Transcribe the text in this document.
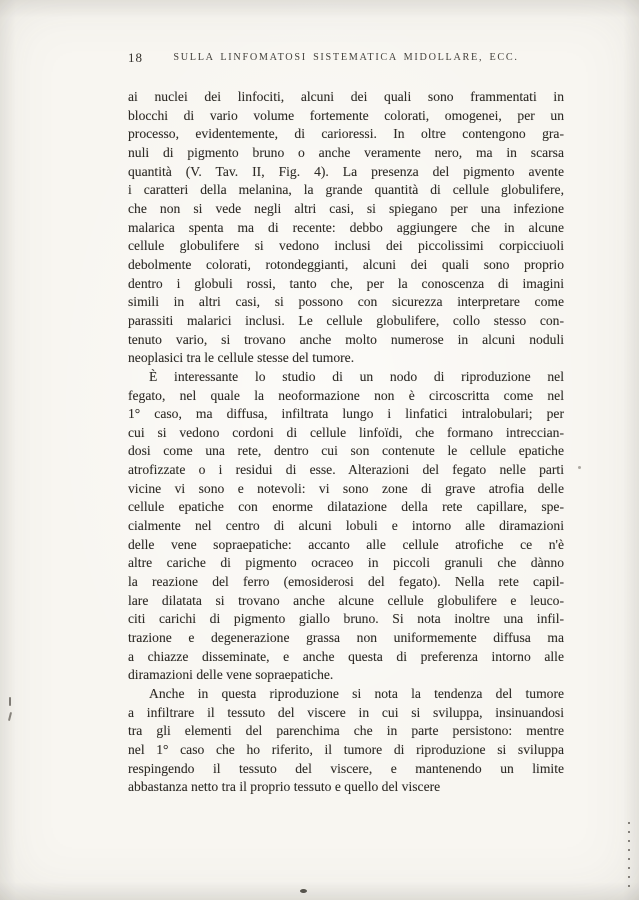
18	SULLA LINFOMATOSI SISTEMATICA MIDOLLARE, ECC.
ai nuclei dei linfociti, alcuni dei quali sono frammentati in
blocchi di vario volume fortemente colorati, omogenei, per un
processo, evidentemente, di carioressi. In oltre contengono gra-
nuli di pigmento bruno o anche veramente nero, ma in scarsa
quantità (V. Tav. II, Fig. 4). La presenza del pigmento avente
i caratteri della melanina, la grande quantità di cellule globulifere,
che non si vede negli altri casi, si spiegano per una infezione
malarica spenta ma di recente: debbo aggiungere che in alcune
cellule globulifere si vedono inclusi dei piccolissimi corpicciuoli
debolmente colorati, rotondeggianti, alcuni dei quali sono proprio
dentro i globuli rossi, tanto che, per la conoscenza di imagini
simili in altri casi, si possono con sicurezza interpretare come
parassiti malarici inclusi. Le cellule globulifere, collo stesso con-
tenuto vario, si trovano anche molto numerose in alcuni noduli
neoplasici tra le cellule stesse del tumore.
È interessante lo studio di un nodo di riproduzione nel
fegato, nel quale la neoformazione non è circoscritta come nel
1° caso, ma diffusa, infiltrata lungo i linfatici intralobulari; per
cui si vedono cordoni di cellule linfoïdi, che formano intreccian-
dosi come una rete, dentro cui son contenute le cellule epatiche
atrofizzate o i residui di esse. Alterazioni del fegato nelle parti
vicine vi sono e notevoli: vi sono zone di grave atrofia delle
cellule epatiche con enorme dilatazione della rete capillare, spe-
cialmente nel centro di alcuni lobuli e intorno alle diramazioni
delle vene sopraepatiche: accanto alle cellule atrofiche ce n'è
altre cariche di pigmento ocraceo in piccoli granuli che dànno
la reazione del ferro (emosiderosi del fegato). Nella rete capil-
lare dilatata si trovano anche alcune cellule globulifere e leuco-
citi carichi di pigmento giallo bruno. Si nota inoltre una infil-
trazione e degenerazione grassa non uniformemente diffusa ma
a chiazze disseminate, e anche questa di preferenza intorno alle
diramazioni delle vene sopraepatiche.
Anche in questa riproduzione si nota la tendenza del tumore
a infiltrare il tessuto del viscere in cui si sviluppa, insinuandosi
tra gli elementi del parenchima che in parte persistono: mentre
nel 1° caso che ho riferito, il tumore di riproduzione si sviluppa
respingendo il tessuto del viscere, e mantenendo un limite
abbastanza netto tra il proprio tessuto e quello del viscere
